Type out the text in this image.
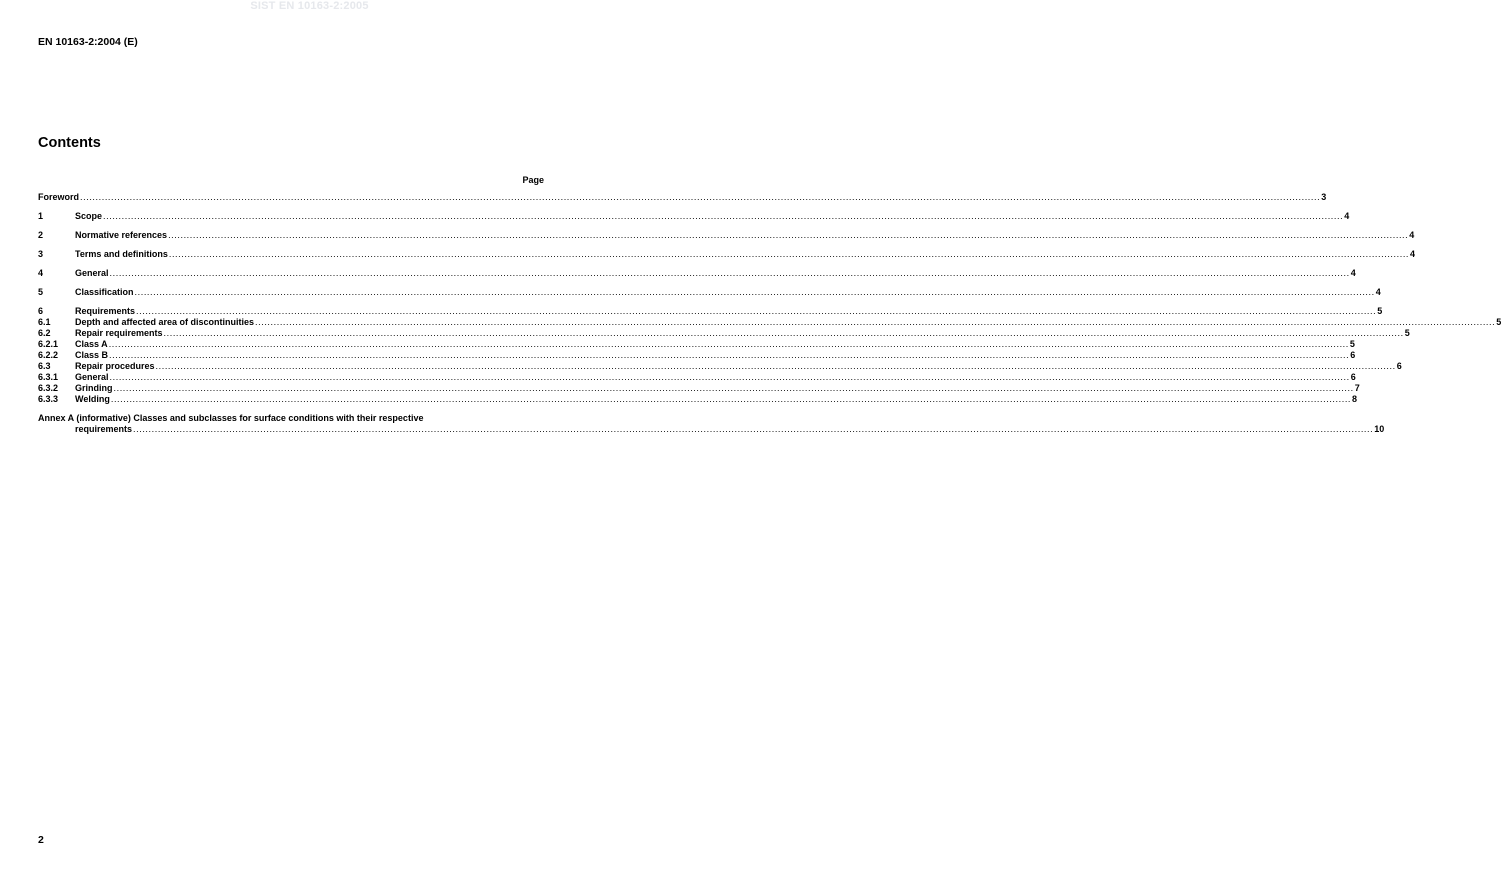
SIST EN 10163-2:2005
EN 10163-2:2004 (E)
Contents
Page
Foreword ................................................................................................................................................................................................................................................................................................................................................................................................................ 3
1	Scope ................................................................................................................................................................................................................................................................................................................................................................................................................ 4
2	Normative references ................................................................................................................................................................................................................................................................................................................................................................................................................ 4
3	Terms and definitions ................................................................................................................................................................................................................................................................................................................................................................................................................ 4
4	General ................................................................................................................................................................................................................................................................................................................................................................................................................ 4
5	Classification ................................................................................................................................................................................................................................................................................................................................................................................................................ 4
6	Requirements ................................................................................................................................................................................................................................................................................................................................................................................................................ 5
6.1	Depth and affected area of discontinuities ................................................................................................................................................................................................................................................................................................................................................................................................................ 5
6.2	Repair requirements ................................................................................................................................................................................................................................................................................................................................................................................................................ 5
6.2.1	Class A ................................................................................................................................................................................................................................................................................................................................................................................................................ 5
6.2.2	Class B ................................................................................................................................................................................................................................................................................................................................................................................................................ 6
6.3	Repair procedures ................................................................................................................................................................................................................................................................................................................................................................................................................ 6
6.3.1	General ................................................................................................................................................................................................................................................................................................................................................................................................................ 6
6.3.2	Grinding ................................................................................................................................................................................................................................................................................................................................................................................................................ 7
6.3.3	Welding ................................................................................................................................................................................................................................................................................................................................................................................................................ 8
Annex A (informative) Classes and subclasses for surface conditions with their respective
requirements ................................................................................................................................................................................................................................................................................................................................................................................................................ 10
2
